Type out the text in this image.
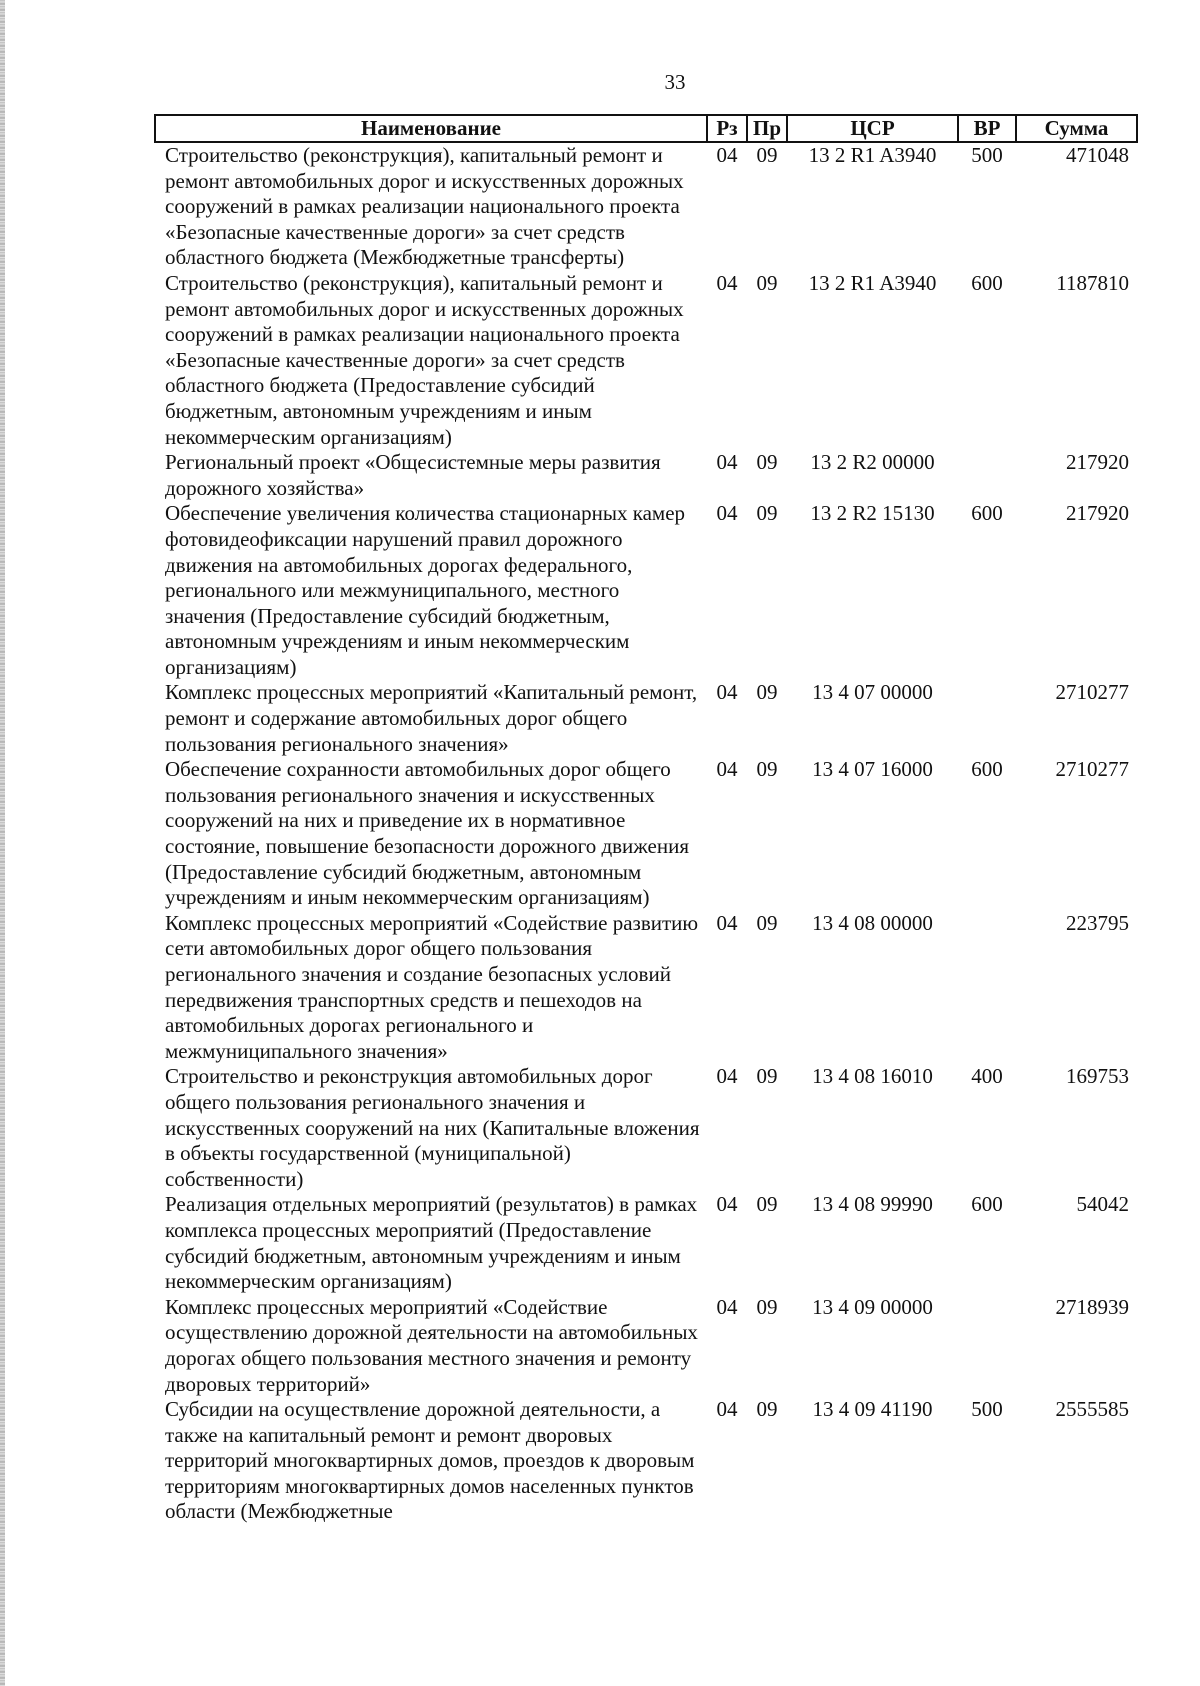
33
Наименование	Рз	Пр	ЦСР	ВР	Сумма
Строительство (реконструкция), капитальный ремонт и ремонт автомобильных дорог и искусственных дорожных сооружений в рамках реализации национального проекта «Безопасные качественные дороги» за счет средств областного бюджета (Межбюджетные трансферты)	04	09	13 2 R1 A3940	500	471048
Строительство (реконструкция), капитальный ремонт и ремонт автомобильных дорог и искусственных дорожных сооружений в рамках реализации национального проекта «Безопасные качественные дороги» за счет средств областного бюджета (Предоставление субсидий бюджетным, автономным учреждениям и иным некоммерческим организациям)	04	09	13 2 R1 A3940	600	1187810
Региональный проект «Общесистемные меры развития дорожного хозяйства»	04	09	13 2 R2 00000		217920
Обеспечение увеличения количества стационарных камер фотовидеофиксации нарушений правил дорожного движения на автомобильных дорогах федерального, регионального или межмуниципального, местного значения (Предоставление субсидий бюджетным, автономным учреждениям и иным некоммерческим организациям)	04	09	13 2 R2 15130	600	217920
Комплекс процессных мероприятий «Капитальный ремонт, ремонт и содержание автомобильных дорог общего пользования регионального значения»	04	09	13 4 07 00000		2710277
Обеспечение сохранности автомобильных дорог общего пользования регионального значения и искусственных сооружений на них и приведение их в нормативное состояние, повышение безопасности дорожного движения (Предоставление субсидий бюджетным, автономным учреждениям и иным некоммерческим организациям)	04	09	13 4 07 16000	600	2710277
Комплекс процессных мероприятий «Содействие развитию сети автомобильных дорог общего пользования регионального значения и создание безопасных условий передвижения транспортных средств и пешеходов на автомобильных дорогах регионального и межмуниципального значения»	04	09	13 4 08 00000		223795
Строительство и реконструкция автомобильных дорог общего пользования регионального значения и искусственных сооружений на них (Капитальные вложения в объекты государственной (муниципальной) собственности)	04	09	13 4 08 16010	400	169753
Реализация отдельных мероприятий (результатов) в рамках комплекса процессных мероприятий (Предоставление субсидий бюджетным, автономным учреждениям и иным некоммерческим организациям)	04	09	13 4 08 99990	600	54042
Комплекс процессных мероприятий «Содействие осуществлению дорожной деятельности на автомобильных дорогах общего пользования местного значения и ремонту дворовых территорий»	04	09	13 4 09 00000		2718939
Субсидии на осуществление дорожной деятельности, а также на капитальный ремонт и ремонт дворовых территорий многоквартирных домов, проездов к дворовым территориям многоквартирных домов населенных пунктов области (Межбюджетные	04	09	13 4 09 41190	500	2555585
